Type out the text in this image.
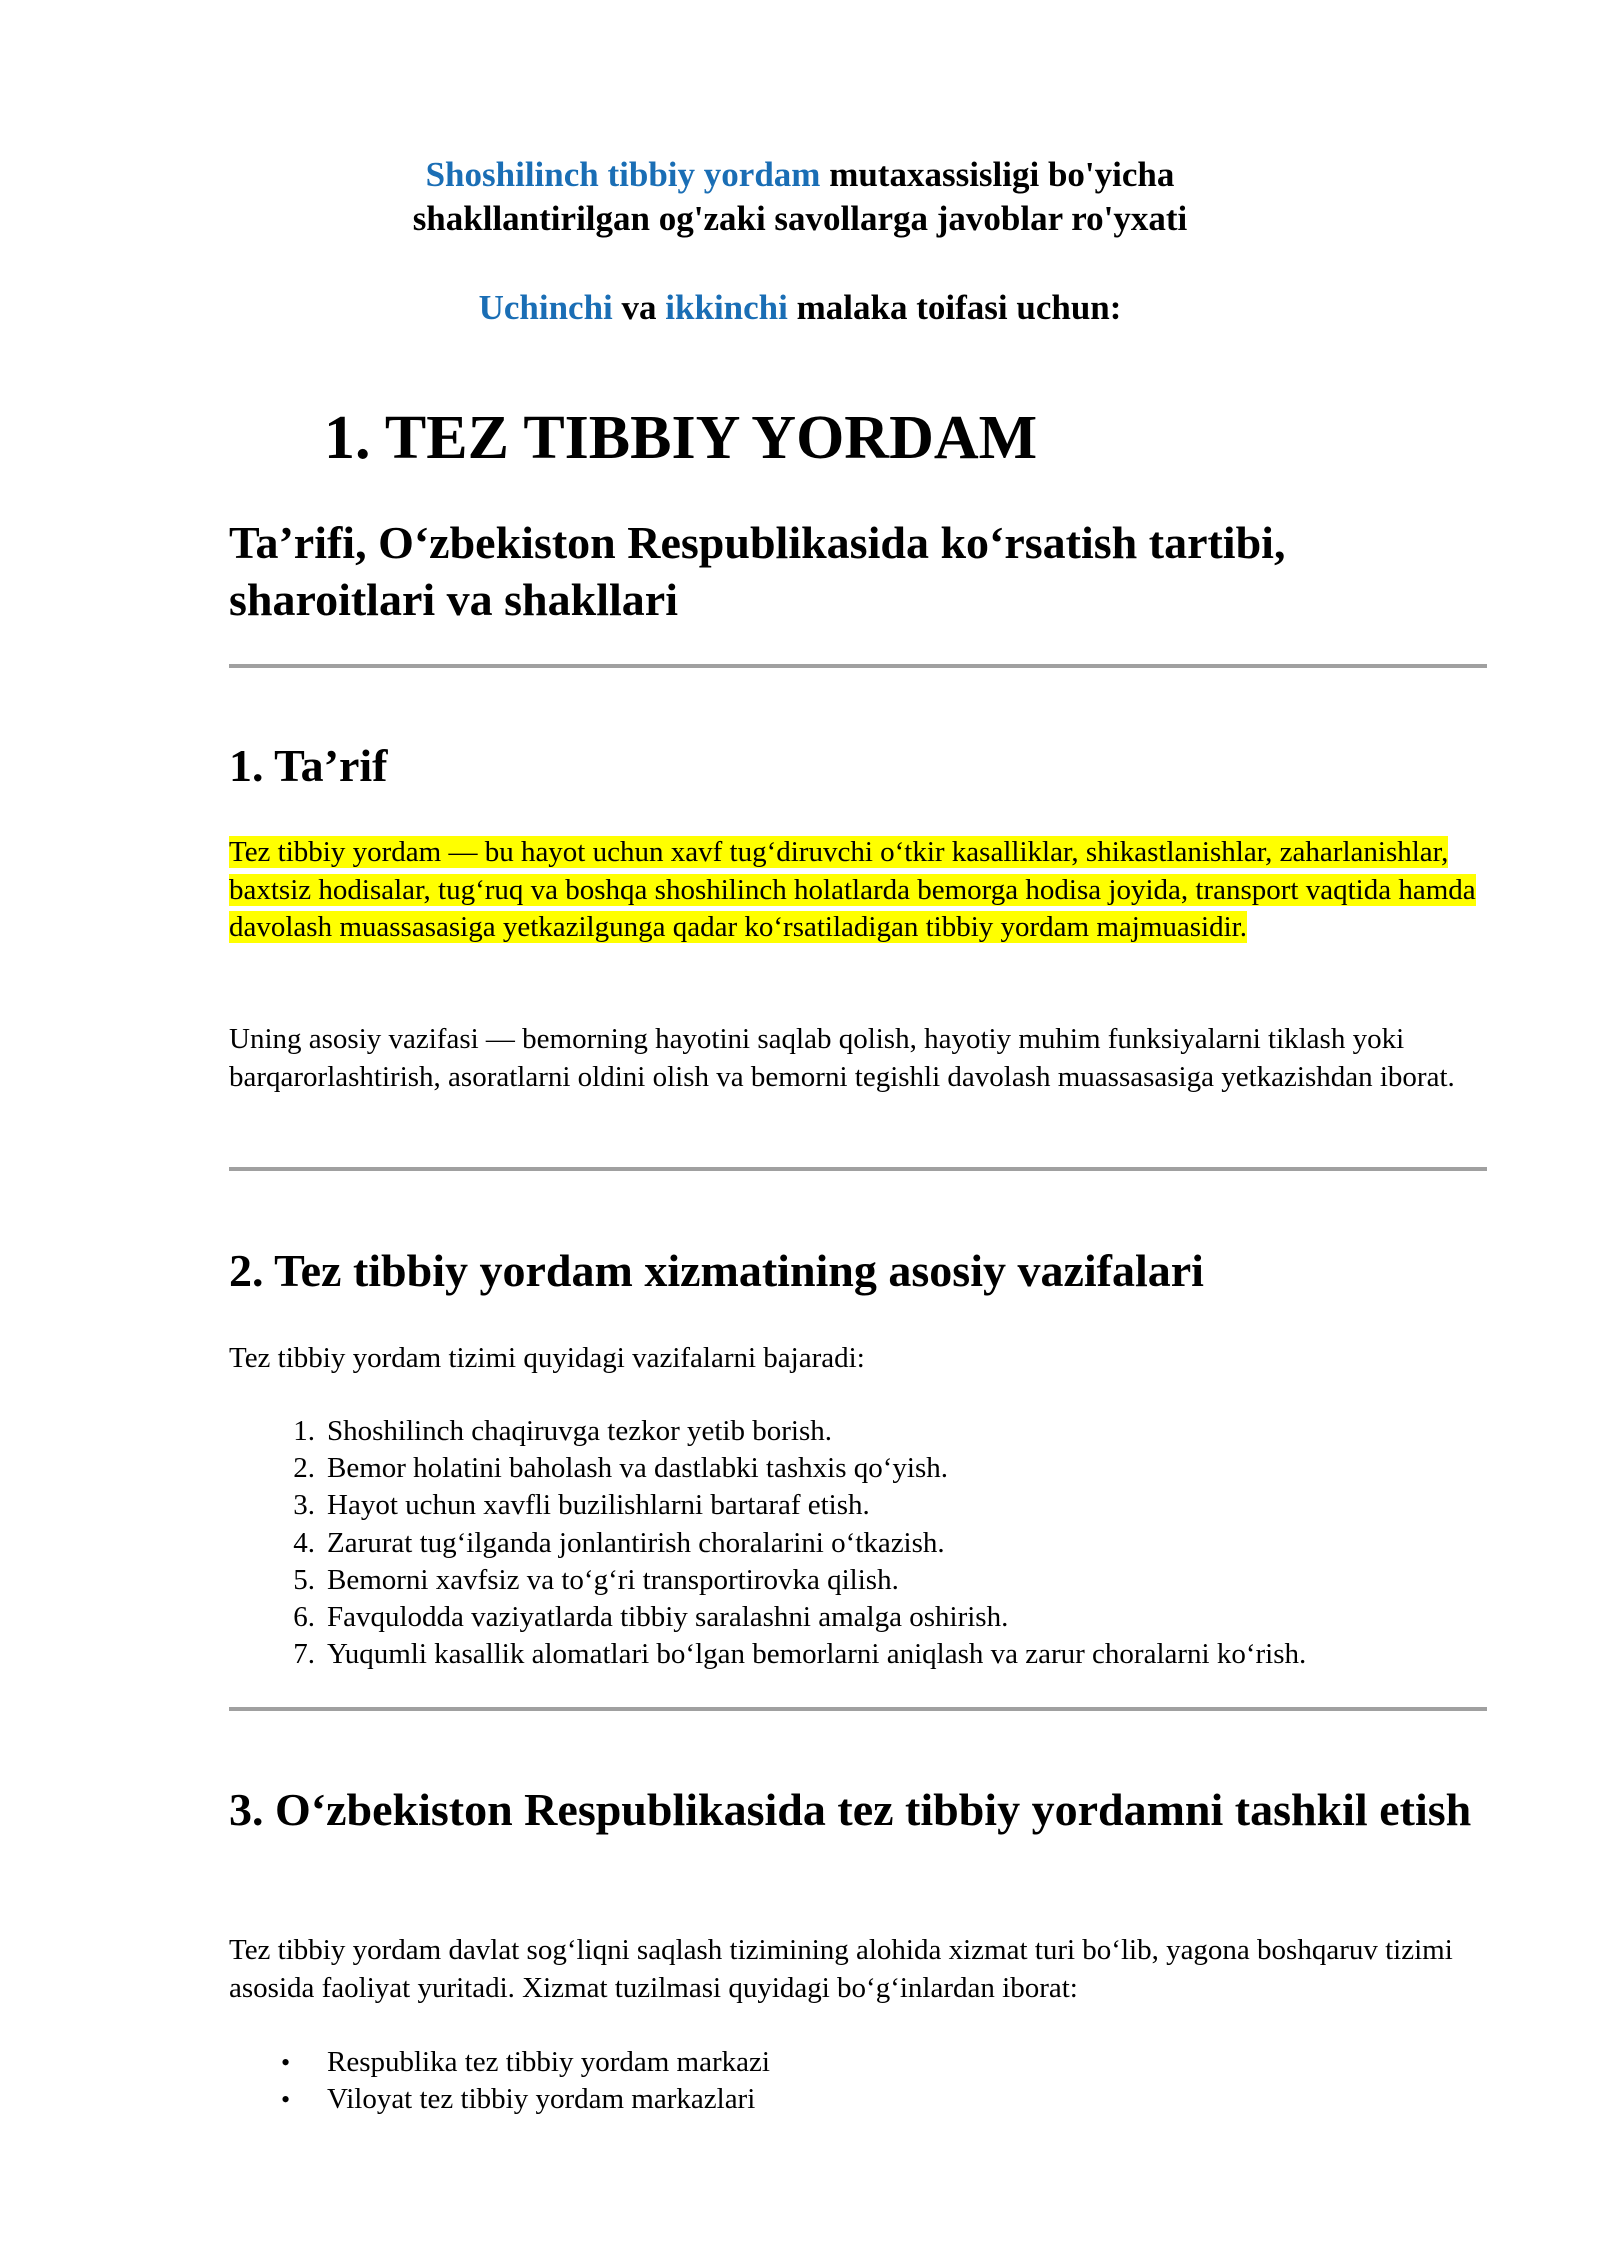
Shoshilinch tibbiy yordam mutaxassisligi bo'yicha
shakllantirilgan og'zaki savollarga javoblar ro'yxati
Uchinchi va ikkinchi malaka toifasi uchun:
1. TEZ TIBBIY YORDAM
Ta’rifi, O‘zbekiston Respublikasida ko‘rsatish tartibi, sharoitlari va shakllari
1. Ta’rif

Tez tibbiy yordam — bu hayot uchun xavf tug‘diruvchi o‘tkir kasalliklar, shikastlanishlar, zaharlanishlar, baxtsiz hodisalar, tug‘ruq va boshqa shoshilinch holatlarda bemorga hodisa joyida, transport vaqtida hamda davolash muassasasiga yetkazilgunga qadar ko‘rsatiladigan tibbiy yordam majmuasidir.

Uning asosiy vazifasi — bemorning hayotini saqlab qolish, hayotiy muhim funksiyalarni tiklash yoki barqarorlashtirish, asoratlarni oldini olish va bemorni tegishli davolash muassasasiga yetkazishdan iborat.

2. Tez tibbiy yordam xizmatining asosiy vazifalari

Tez tibbiy yordam tizimi quyidagi vazifalarni bajaradi:

1. Shoshilinch chaqiruvga tezkor yetib borish.
2. Bemor holatini baholash va dastlabki tashxis qo‘yish.
3. Hayot uchun xavfli buzilishlarni bartaraf etish.
4. Zarurat tug‘ilganda jonlantirish choralarini o‘tkazish.
5. Bemorni xavfsiz va to‘g‘ri transportirovka qilish.
6. Favqulodda vaziyatlarda tibbiy saralashni amalga oshirish.
7. Yuqumli kasallik alomatlari bo‘lgan bemorlarni aniqlash va zarur choralarni ko‘rish.
3. O‘zbekiston Respublikasida tez tibbiy yordamni tashkil etish

Tez tibbiy yordam davlat sog‘liqni saqlash tizimining alohida xizmat turi bo‘lib, yagona boshqaruv tizimi asosida faoliyat yuritadi. Xizmat tuzilmasi quyidagi bo‘g‘inlardan iborat:

• Respublika tez tibbiy yordam markazi
• Viloyat tez tibbiy yordam markazlari
